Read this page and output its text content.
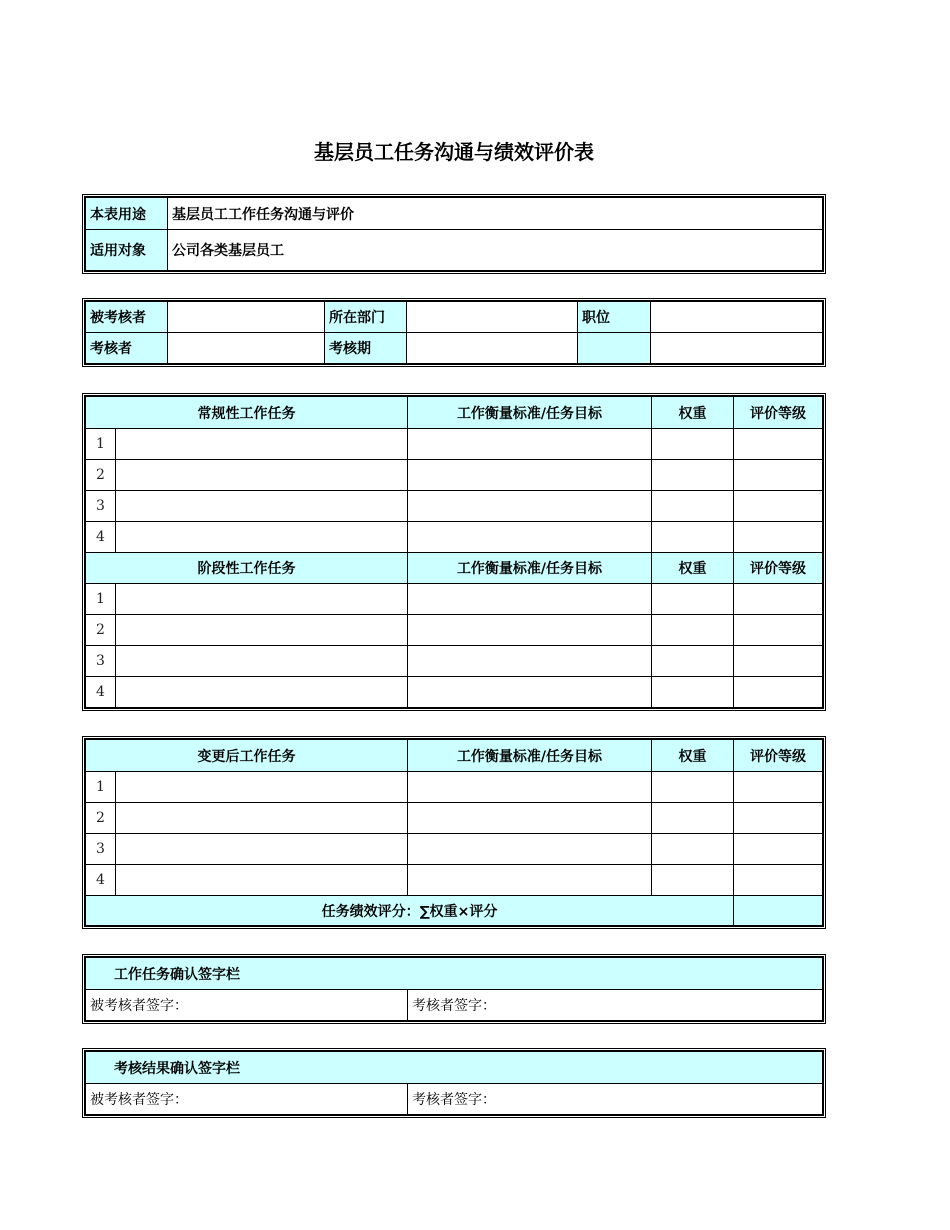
基层员工任务沟通与绩效评价表
本表用途	基层员工工作任务沟通与评价
适用对象	公司各类基层员工
被考核者		所在部门		职位	
考核者		考核期			
常规性工作任务		工作衡量标准/任务目标	权重	评价等级
1				
2				
3				
4				
阶段性工作任务		工作衡量标准/任务目标	权重	评价等级
1				
2				
3				
4				
变更后工作任务		工作衡量标准/任务目标	权重	评价等级
1				
2				
3				
4				
任务绩效评分：∑权重×评分				
工作任务确认签字栏
被考核者签字：	考核者签字：
考核结果确认签字栏
被考核者签字：	考核者签字：
